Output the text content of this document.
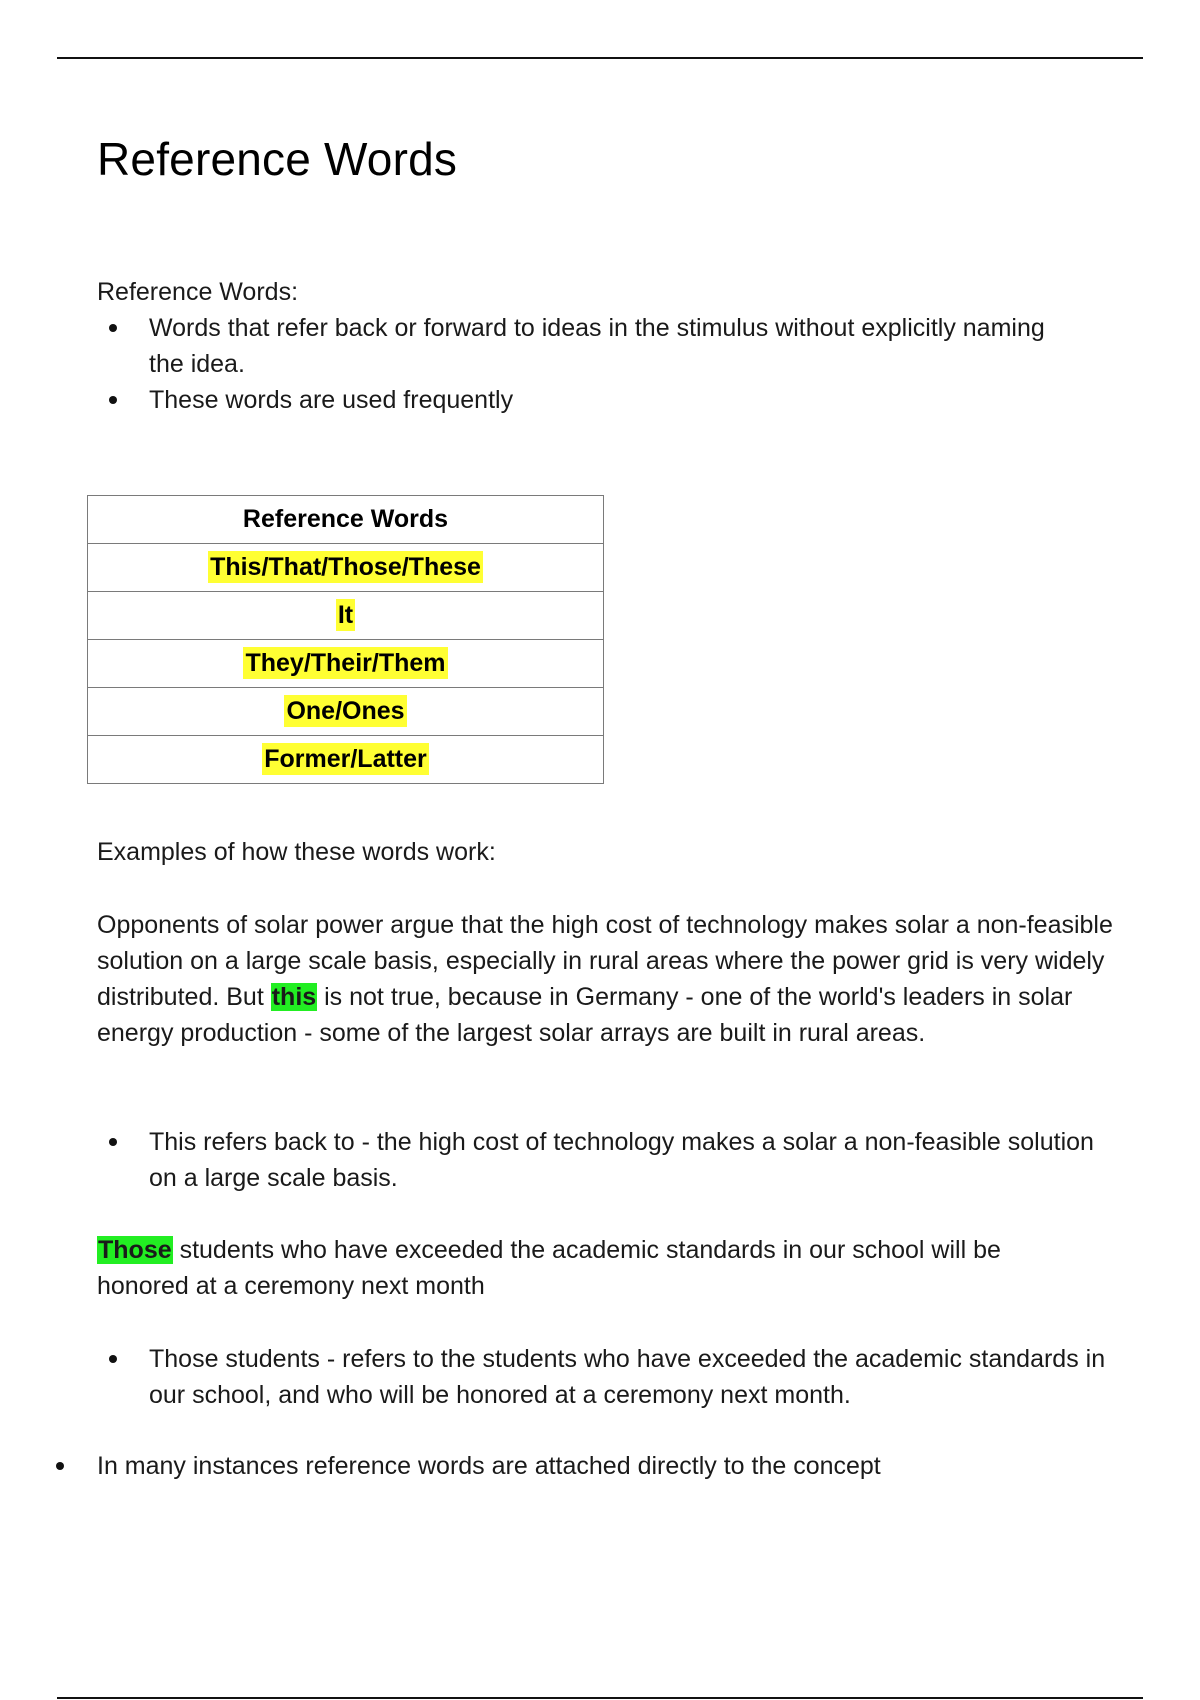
Reference Words
Reference Words:
Words that refer back or forward to ideas in the stimulus without explicitly naming the idea.
These words are used frequently
Reference Words
This/That/Those/These
It
They/Their/Them
One/Ones
Former/Latter
Examples of how these words work:
Opponents of solar power argue that the high cost of technology makes solar a non-feasible solution on a large scale basis, especially in rural areas where the power grid is very widely distributed. But this is not true, because in Germany - one of the world's leaders in solar energy production - some of the largest solar arrays are built in rural areas.
This refers back to - the high cost of technology makes a solar a non-feasible solution on a large scale basis.
Those students who have exceeded the academic standards in our school will be honored at a ceremony next month
Those students - refers to the students who have exceeded the academic standards in our school, and who will be honored at a ceremony next month.
In many instances reference words are attached directly to the concept
